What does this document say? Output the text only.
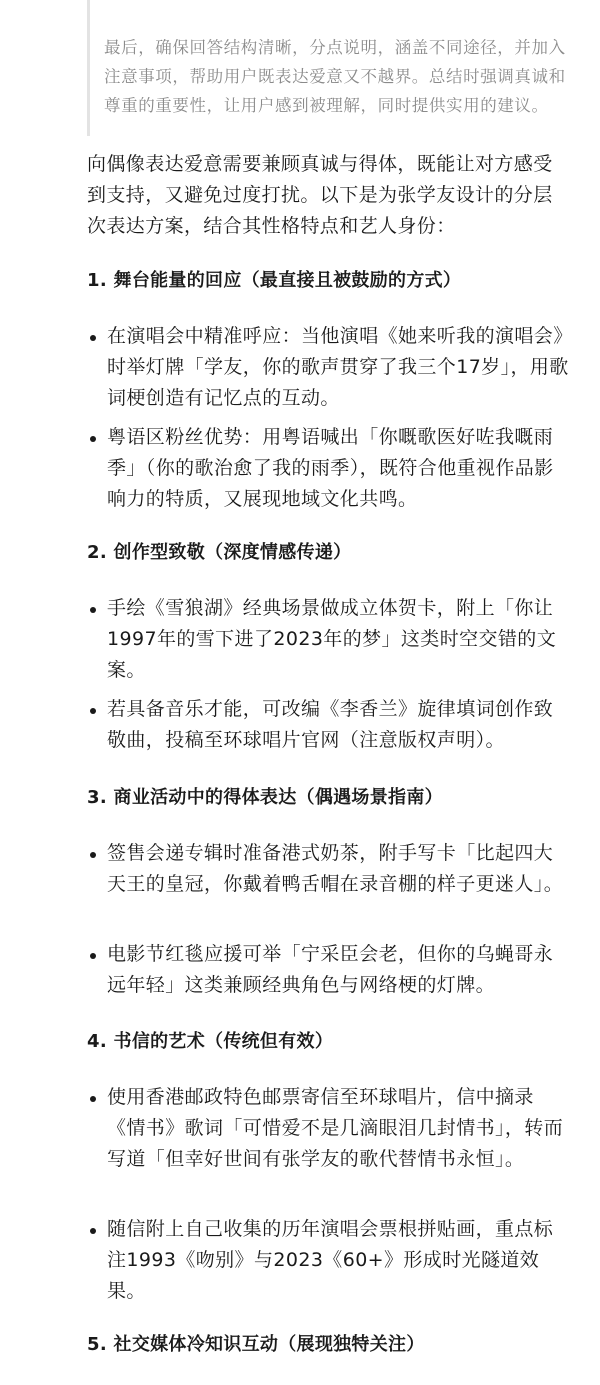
最后，确保回答结构清晰，分点说明，涵盖不同途径，并加入注意事项，帮助用户既表达爱意又不越界。总结时强调真诚和尊重的重要性，让用户感到被理解，同时提供实用的建议。

向偶像表达爱意需要兼顾真诚与得体，既能让对方感受到支持，又避免过度打扰。以下是为张学友设计的分层次表达方案，结合其性格特点和艺人身份：

1. 舞台能量的回应（最直接且被鼓励的方式）

在演唱会中精准呼应：当他演唱《她来听我的演唱会》时举灯牌「学友，你的歌声贯穿了我三个17岁」，用歌词梗创造有记忆点的互动。

粤语区粉丝优势：用粤语喊出「你嘅歌医好咗我嘅雨季」（你的歌治愈了我的雨季），既符合他重视作品影响力的特质，又展现地域文化共鸣。

2. 创作型致敬（深度情感传递）

手绘《雪狼湖》经典场景做成立体贺卡，附上「你让1997年的雪下进了2023年的梦」这类时空交错的文案。

若具备音乐才能，可改编《李香兰》旋律填词创作致敬曲，投稿至环球唱片官网（注意版权声明）。

3. 商业活动中的得体表达（偶遇场景指南）

签售会递专辑时准备港式奶茶，附手写卡「比起四大天王的皇冠，你戴着鸭舌帽在录音棚的样子更迷人」。

电影节红毯应援可举「宁采臣会老，但你的乌蝇哥永远年轻」这类兼顾经典角色与网络梗的灯牌。

4. 书信的艺术（传统但有效）

使用香港邮政特色邮票寄信至环球唱片，信中摘录《情书》歌词「可惜爱不是几滴眼泪几封情书」，转而写道「但幸好世间有张学友的歌代替情书永恒」。

随信附上自己收集的历年演唱会票根拼贴画，重点标注1993《吻别》与2023《60+》形成时光隧道效果。

5. 社交媒体冷知识互动（展现独特关注）
